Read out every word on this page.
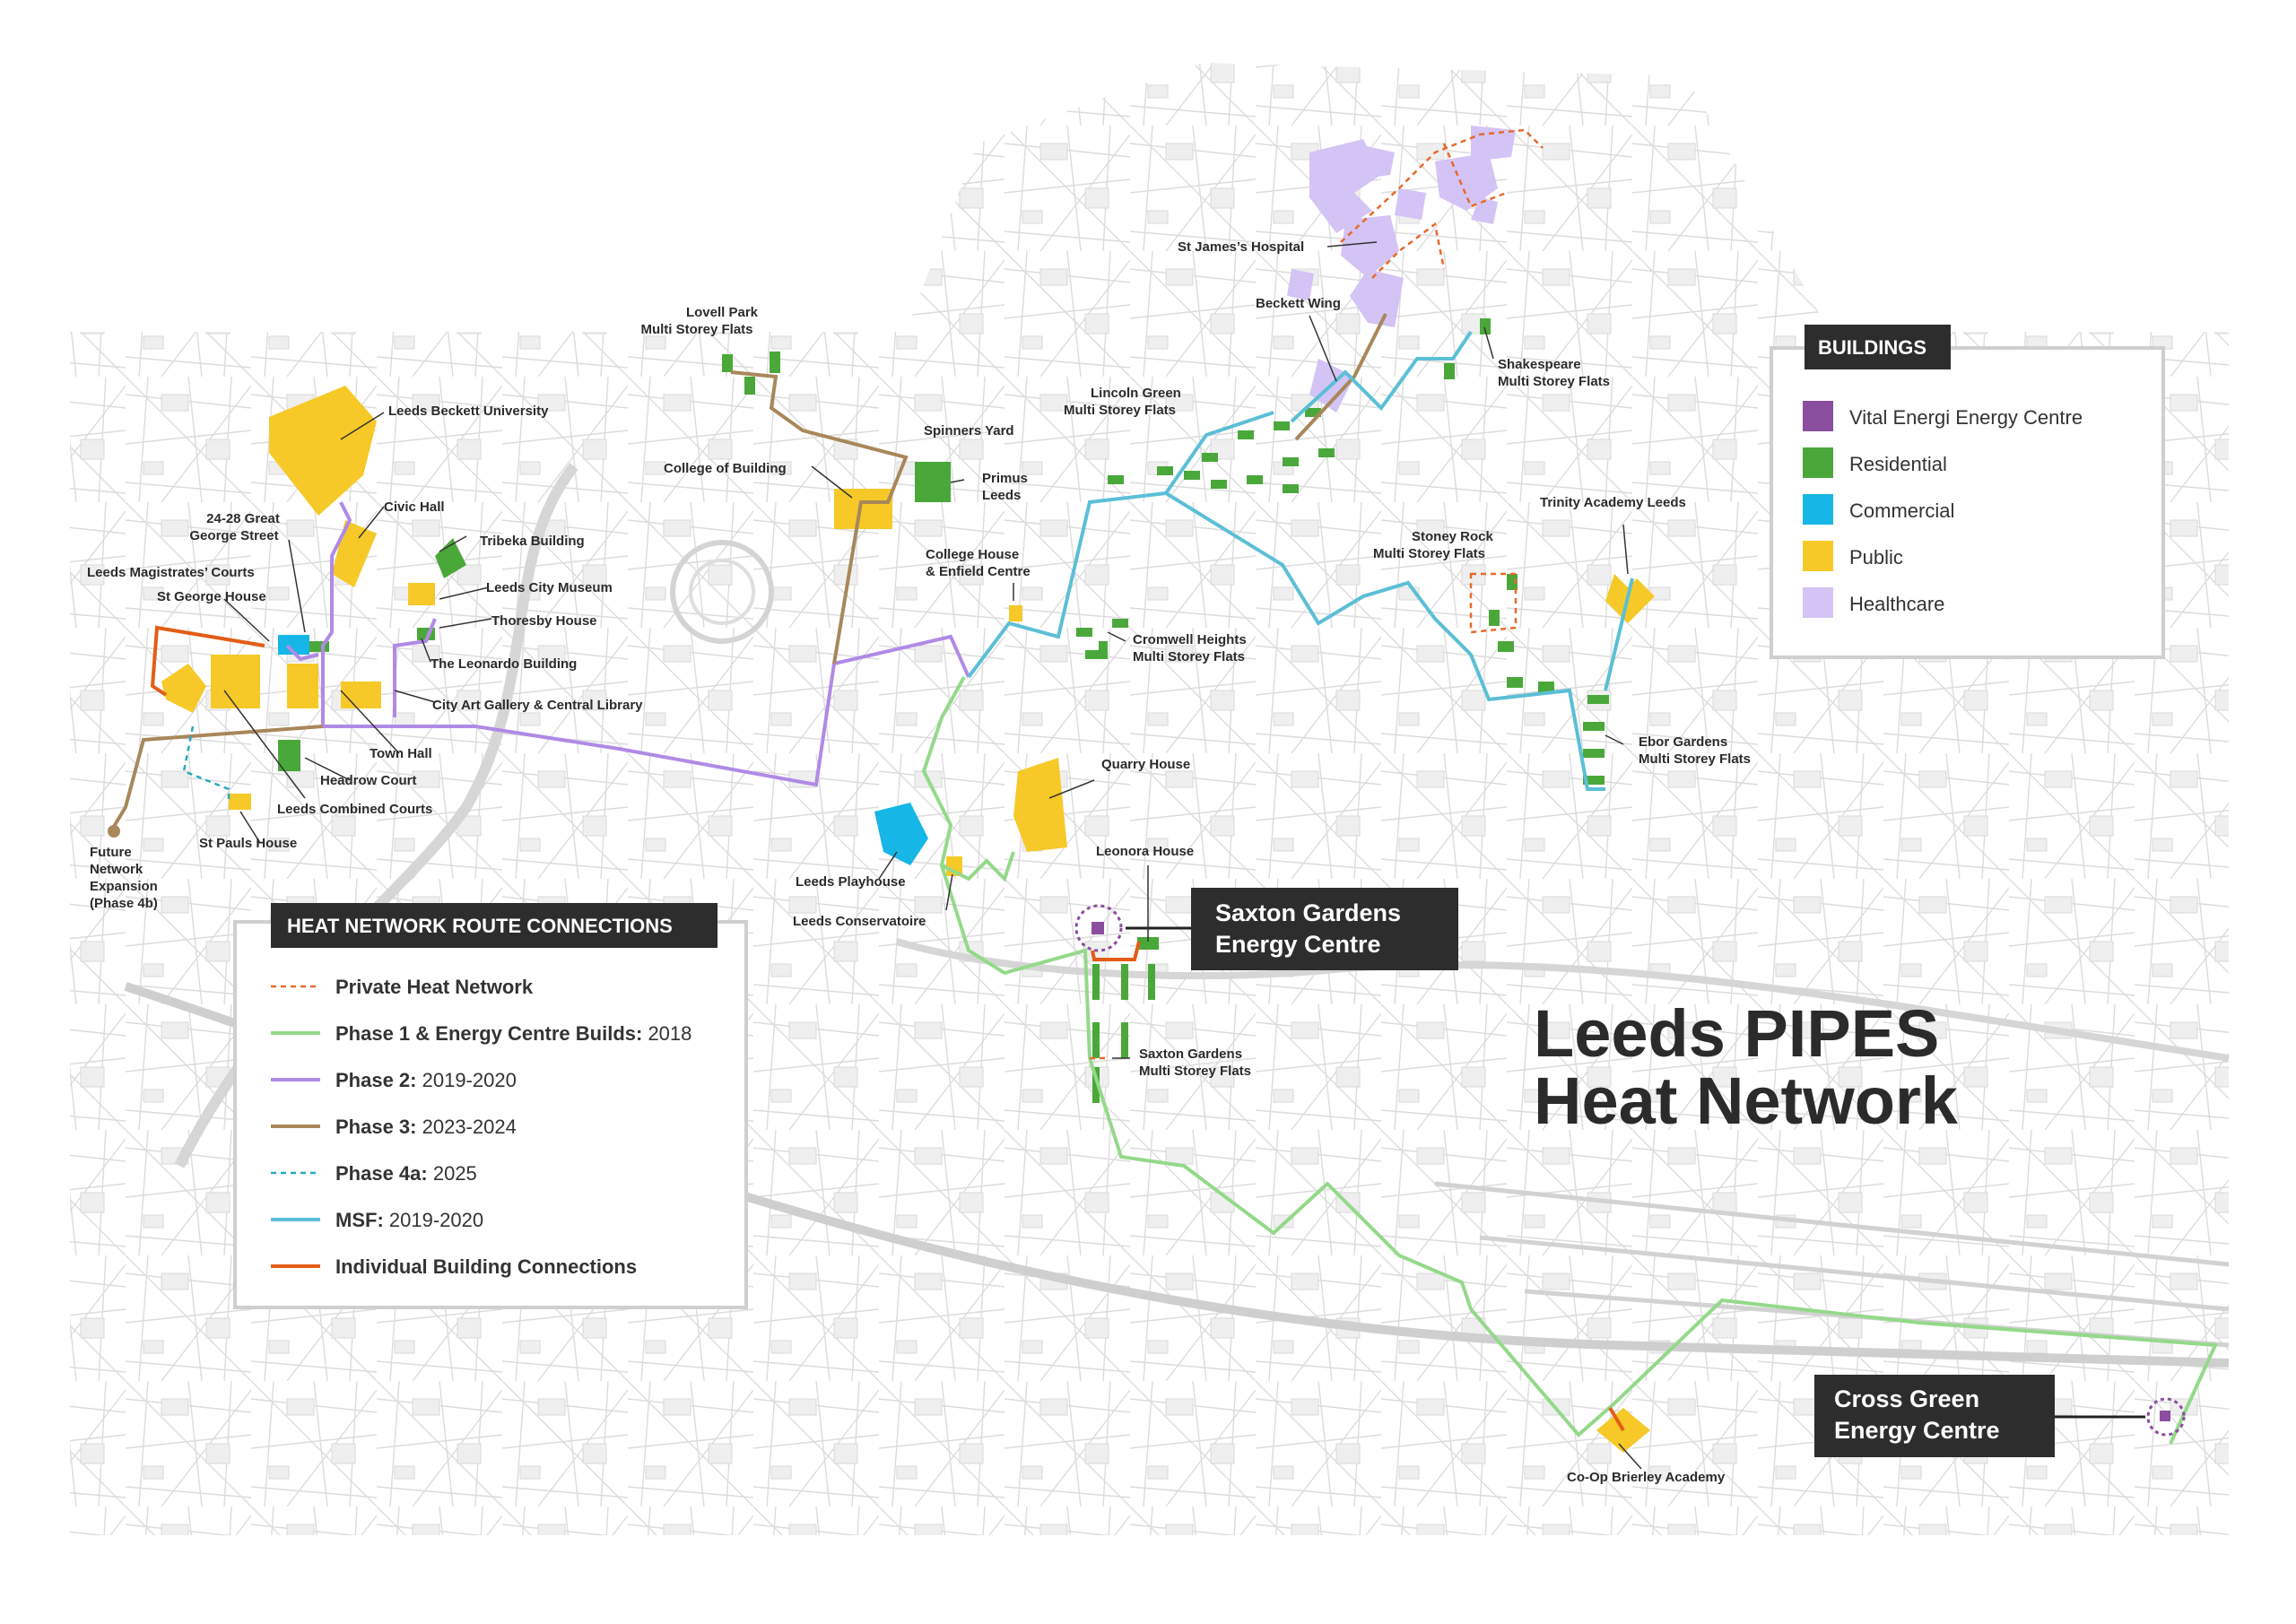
Leeds Beckett University
Civic Hall
24-28 Great
George Street	Tribeka Building
Leeds Magistrates’ Courts
St George House
Leeds City Museum
Thoresby House
The Leonardo Building
City Art Gallery & Central Library
Town Hall
Headrow Court
Leeds Combined Courts
St Pauls House
Future
Network
Expansion
(Phase 4b)
Lovell Park
Multi Storey Flats
College of Building
Spinners Yard
Primus
Leeds
College House
& Enfield Centre
Lincoln Green
Multi Storey Flats
Cromwell Heights
Multi Storey Flats
St James’s Hospital
Beckett Wing
Shakespeare
Multi Storey Flats
Stoney Rock
Multi Storey Flats
Trinity Academy Leeds
Ebor Gardens
Multi Storey Flats
Quarry House
Leonora House
Leeds Playhouse
Leeds Conservatoire
Saxton Gardens
Multi Storey Flats
Co-Op Brierley Academy
Saxton Gardens
Energy Centre
Cross Green
Energy Centre
Leeds PIPES
Heat Network
BUILDINGS
Vital Energi Energy Centre
Residential
Commercial
Public
Healthcare
HEAT NETWORK ROUTE CONNECTIONS
Private Heat Network
Phase 1 & Energy Centre Builds: 2018
Phase 2: 2019-2020
Phase 3: 2023-2024
Phase 4a: 2025
MSF: 2019-2020
Individual Building Connections
